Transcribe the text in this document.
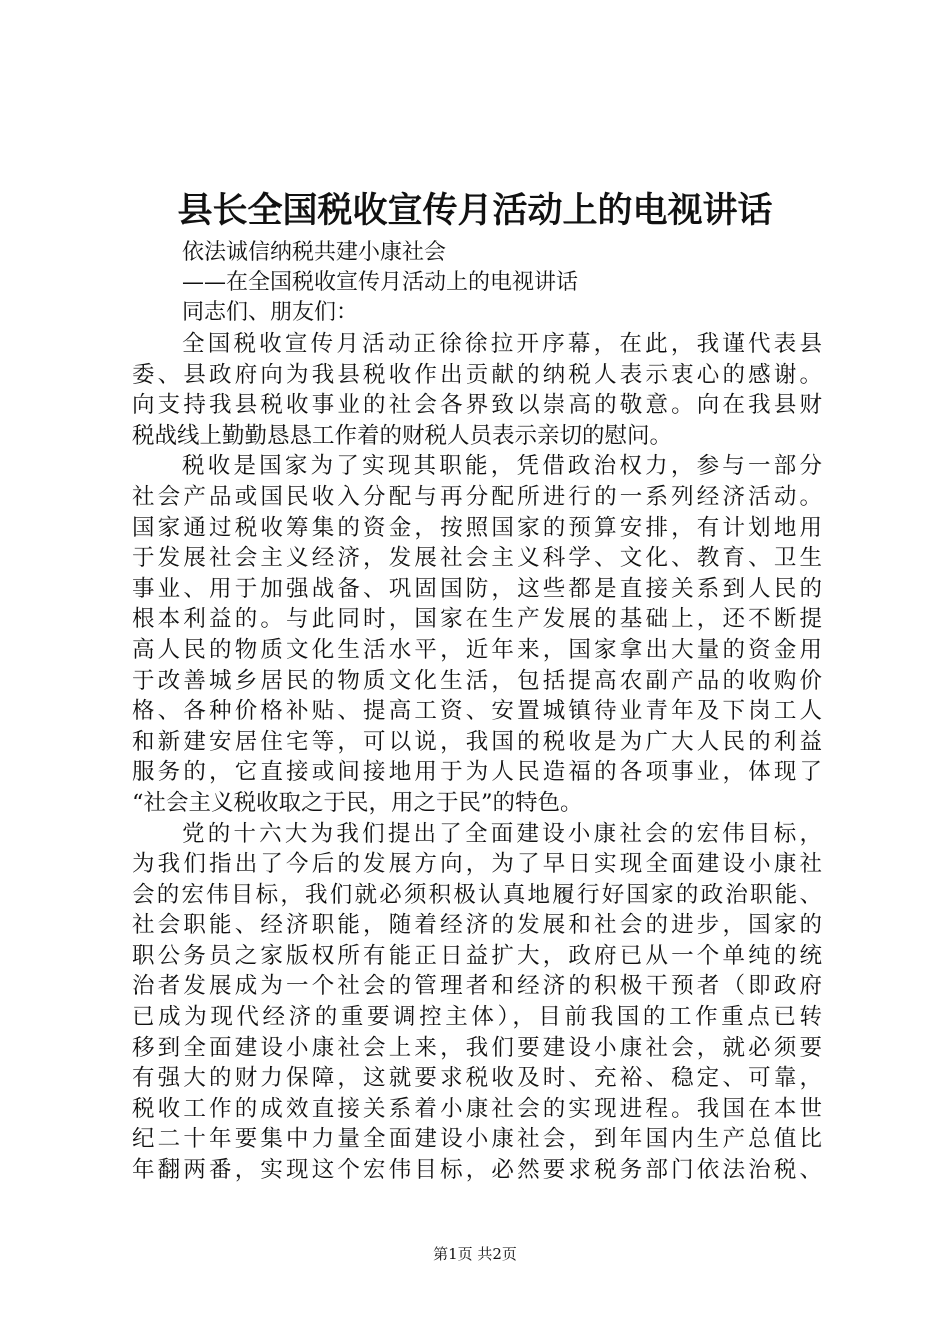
县长全国税收宣传月活动上的电视讲话
依法诚信纳税共建小康社会
——在全国税收宣传月活动上的电视讲话
同志们、朋友们：
全国税收宣传月活动正徐徐拉开序幕，在此，我谨代表县
委、县政府向为我县税收作出贡献的纳税人表示衷心的感谢。
向支持我县税收事业的社会各界致以崇高的敬意。向在我县财
税战线上勤勤恳恳工作着的财税人员表示亲切的慰问。
税收是国家为了实现其职能，凭借政治权力，参与一部分
社会产品或国民收入分配与再分配所进行的一系列经济活动。
国家通过税收筹集的资金，按照国家的预算安排，有计划地用
于发展社会主义经济，发展社会主义科学、文化、教育、卫生
事业、用于加强战备、巩固国防，这些都是直接关系到人民的
根本利益的。与此同时，国家在生产发展的基础上，还不断提
高人民的物质文化生活水平，近年来，国家拿出大量的资金用
于改善城乡居民的物质文化生活，包括提高农副产品的收购价
格、各种价格补贴、提高工资、安置城镇待业青年及下岗工人
和新建安居住宅等，可以说，我国的税收是为广大人民的利益
服务的，它直接或间接地用于为人民造福的各项事业，体现了
“社会主义税收取之于民，用之于民”的特色。
党的十六大为我们提出了全面建设小康社会的宏伟目标，
为我们指出了今后的发展方向，为了早日实现全面建设小康社
会的宏伟目标，我们就必须积极认真地履行好国家的政治职能、
社会职能、经济职能，随着经济的发展和社会的进步，国家的
职公务员之家版权所有能正日益扩大，政府已从一个单纯的统
治者发展成为一个社会的管理者和经济的积极干预者（即政府
已成为现代经济的重要调控主体），目前我国的工作重点已转
移到全面建设小康社会上来，我们要建设小康社会，就必须要
有强大的财力保障，这就要求税收及时、充裕、稳定、可靠，
税收工作的成效直接关系着小康社会的实现进程。我国在本世
纪二十年要集中力量全面建设小康社会，到年国内生产总值比
年翻两番，实现这个宏伟目标，必然要求税务部门依法治税、
第1页 共2页
